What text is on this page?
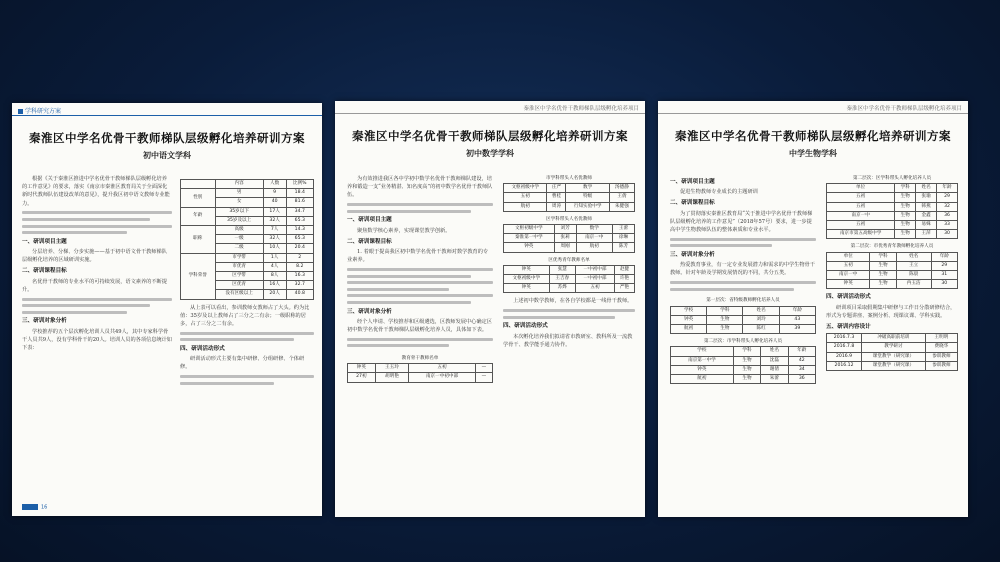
学科研究方案
秦淮区中学名优骨干教师梯队层级孵化培养研训方案
初中语文学科

根据《关于秦淮区推进中学名优骨干教师梯队层级孵化培养的工作意见》的要求，落实《南京市秦淮区教育局关于全面深化新时代教师队伍建设改革的意见》，提升我区初中语文教师专业能力。

一、研训项目主题

分层培养、分梯、分步实施——基于初中语文骨干教师梯队层级孵化培养的区域研训实施。

二、研训课程目标

名优骨干教师的专业水平的可持续发展，语文素养的不断提升。

三、研训对象分析

学校推荐的五个层次孵化培训人员共49人，其中专家科学骨干人员共9人，没有学科骨干的20人。培训人员的各项信息统计如下表：

	内容	人数	比例%
性别	男	9	18.4
	女	40	81.6
年龄	35岁以下	17人	34.7
	35岁及以上	32人	65.3
职称	高级	7人	14.3
	一级	32人	65.3
	二级	10人	20.4
学科荣誉	市学带	1人	2
	市优青	4人	8.2
	区学带	8人	16.3
	区优青	16人	32.7
	没有区级以上	20人	40.8

从上表可以看出，参训教师女教师占了大头。约为比值：35岁及以上教师占了三分之二有余；一级职称的居多，占了三分之二有余。

四、研训活动形式

研训活动形式主要有集中研修、分组研修、个体研修。

16
秦淮区中学名优骨干教师梯队层级孵化培养项目
秦淮区中学名优骨干教师梯队层级孵化培养研训方案
初中数学学科

为有效推进我区各中学初中数学名优骨干教师梯队建设，培养和锻造一支“业务精湛、知名度高”的初中数学名优骨干教师队伍。

一、研训项目主题

聚焦数学核心素养，实现课堂教学创新。

二、研训课程目标

1. 着眼于提高我区初中数学名优骨干教师对数学教育的专业素养。

三、研训对象分析

经个人申请、学校推荐和区级遴选，区教师发展中心确定区初中数学名优骨干教师梯队层级孵化培养人员，具体如下表。

教育骨干教师名单			
钟英	王玉玲	五初	—
27初	胡明艳	南京一中初中部	—
市学科带头人名优教师			
文枢初级中学	庄严	数学	汤德静
五初	曹桂	特级	王倩
航初	周涛	行知实验中学	朱健强
区学科带头人名优教师			
文枢初级中学	刘芳	数学	王蕾
秦淮第一中学	张莉	南京一中	徐琳
钟英	周刚	航初	陈芳
区优秀青年教师名单			
钟英	张慧	一中初中部	赵健
文枢初级中学	王吉春	一中初中部	许艳
钟英	苏烨	五初	严艳

上述初中数学教师，在各自学校都是一线骨干教师。

四、研训活动形式

本次孵化培养我们拟请省市教研室、教科所及一流教学骨干、教学能手通力协作。

秦淮区中学名优骨干教师梯队层级孵化培养项目
秦淮区中学名优骨干教师梯队层级孵化培养研训方案
中学生物学科
一、研训项目主题

促进生物教师专业成长的主题研训

二、研训课程目标

为了贯彻落实秦淮区教育局“关于推进中学名优骨干教师梯队层级孵化培养的工作意见”（2018年57号）要求，进一步提高中学生物教师队伍的整体素质和专业水平。

三、研训对象分析

热爱教育事业，有一定专业发展潜力和需求的中学生物骨干教师。针对年龄及学期发展情况的不同，共分五类。

第一层次：省特级教师孵化培养人员			
学校	学科	姓名	年龄
钟英	生物	刘玲	43
航初	生物	陈红	39
第二层次：市学科带头人孵化培养人员			
学校	学科	姓名	年龄
南京第一中学	生物	沈磊	42
钟英	生物	谢倩	34
航初	生物	朱蕾	36
第二层次：区学科带头人孵化培养人员			
单位	学科	姓名	年龄
五初	生物	张瑜	29
五初	生物	韩燕	32
南京一中	生物	金鑫	36
五初	生物	易姝	33
南京市第五高级中学	生物	王萍	30
第二层次：市优秀青年教师孵化培养人员			
单位	学科	姓名	年龄
五初	生物	王立	29
南京一中	生物	陈晨	31
钟英	生物	冉玉洁	30
四、研训活动形式

研训项目采取假期集中研修与工作日分散研修结合，形式为专题讲座、案例分析、现课议课、学科实践。

五、研训内容设计
2016.7.3	冲破高职前培训	王明明
2016.7.8	教学研讨	费晓华
2016.9	课堂教学（研究课）	参训教师
2016.12	课堂教学（研究课）	参训教师
